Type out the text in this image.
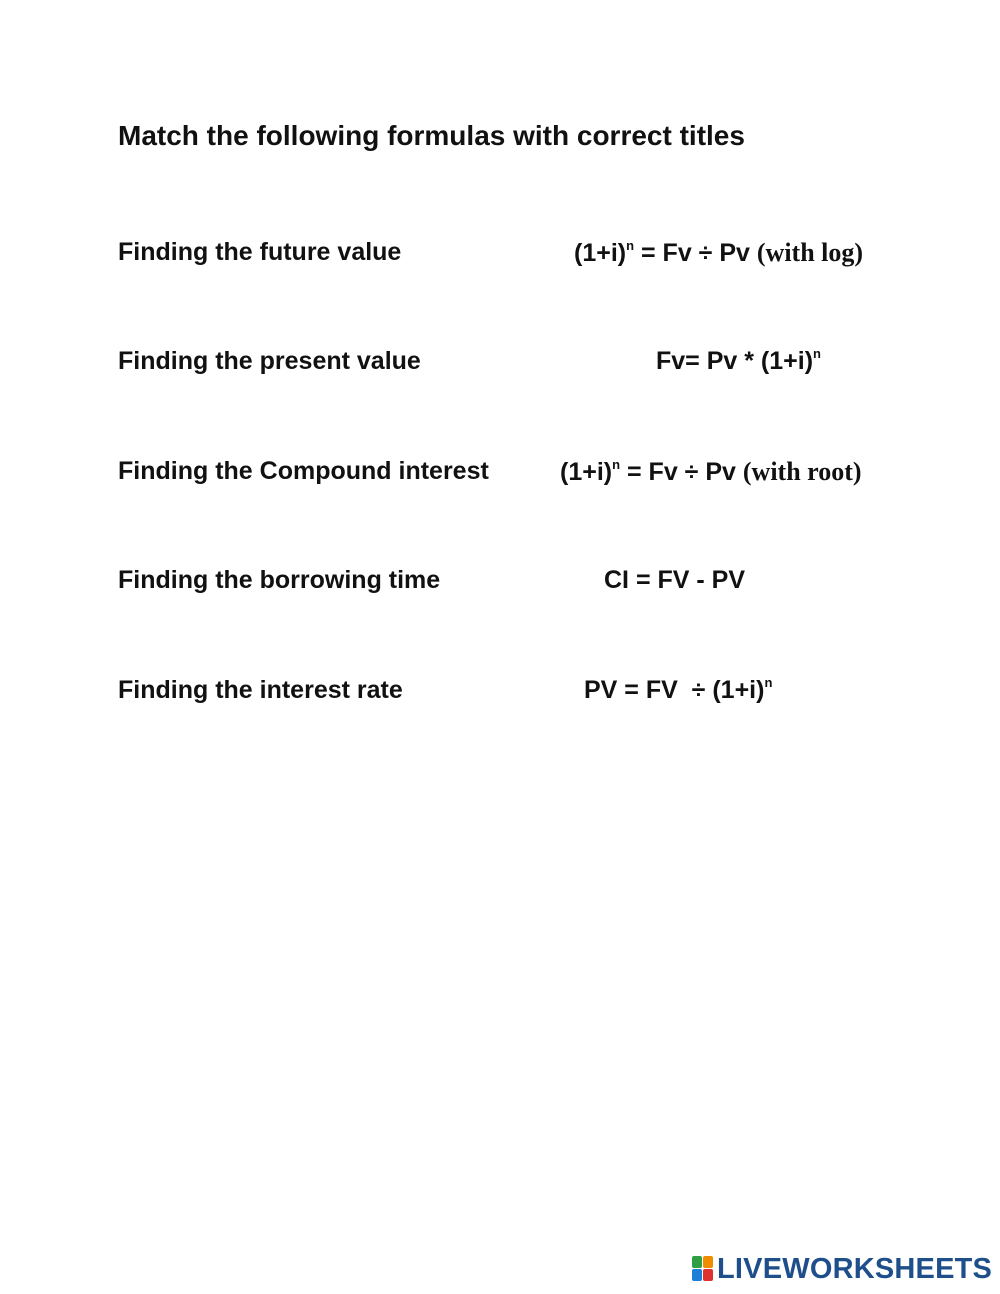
Match the following formulas with correct titles
Finding the future value	$(1+i)^n = Fv \div Pv$ (with log)
Finding the present value	$Fv= Pv * (1+i)^n$
Finding the Compound interest	$(1+i)^n = Fv \div Pv$ (with root)
Finding the borrowing time	CI = FV - PV
Finding the interest rate	PV = FV  ÷ $(1+i)^n$
LIVEWORKSHEETS
